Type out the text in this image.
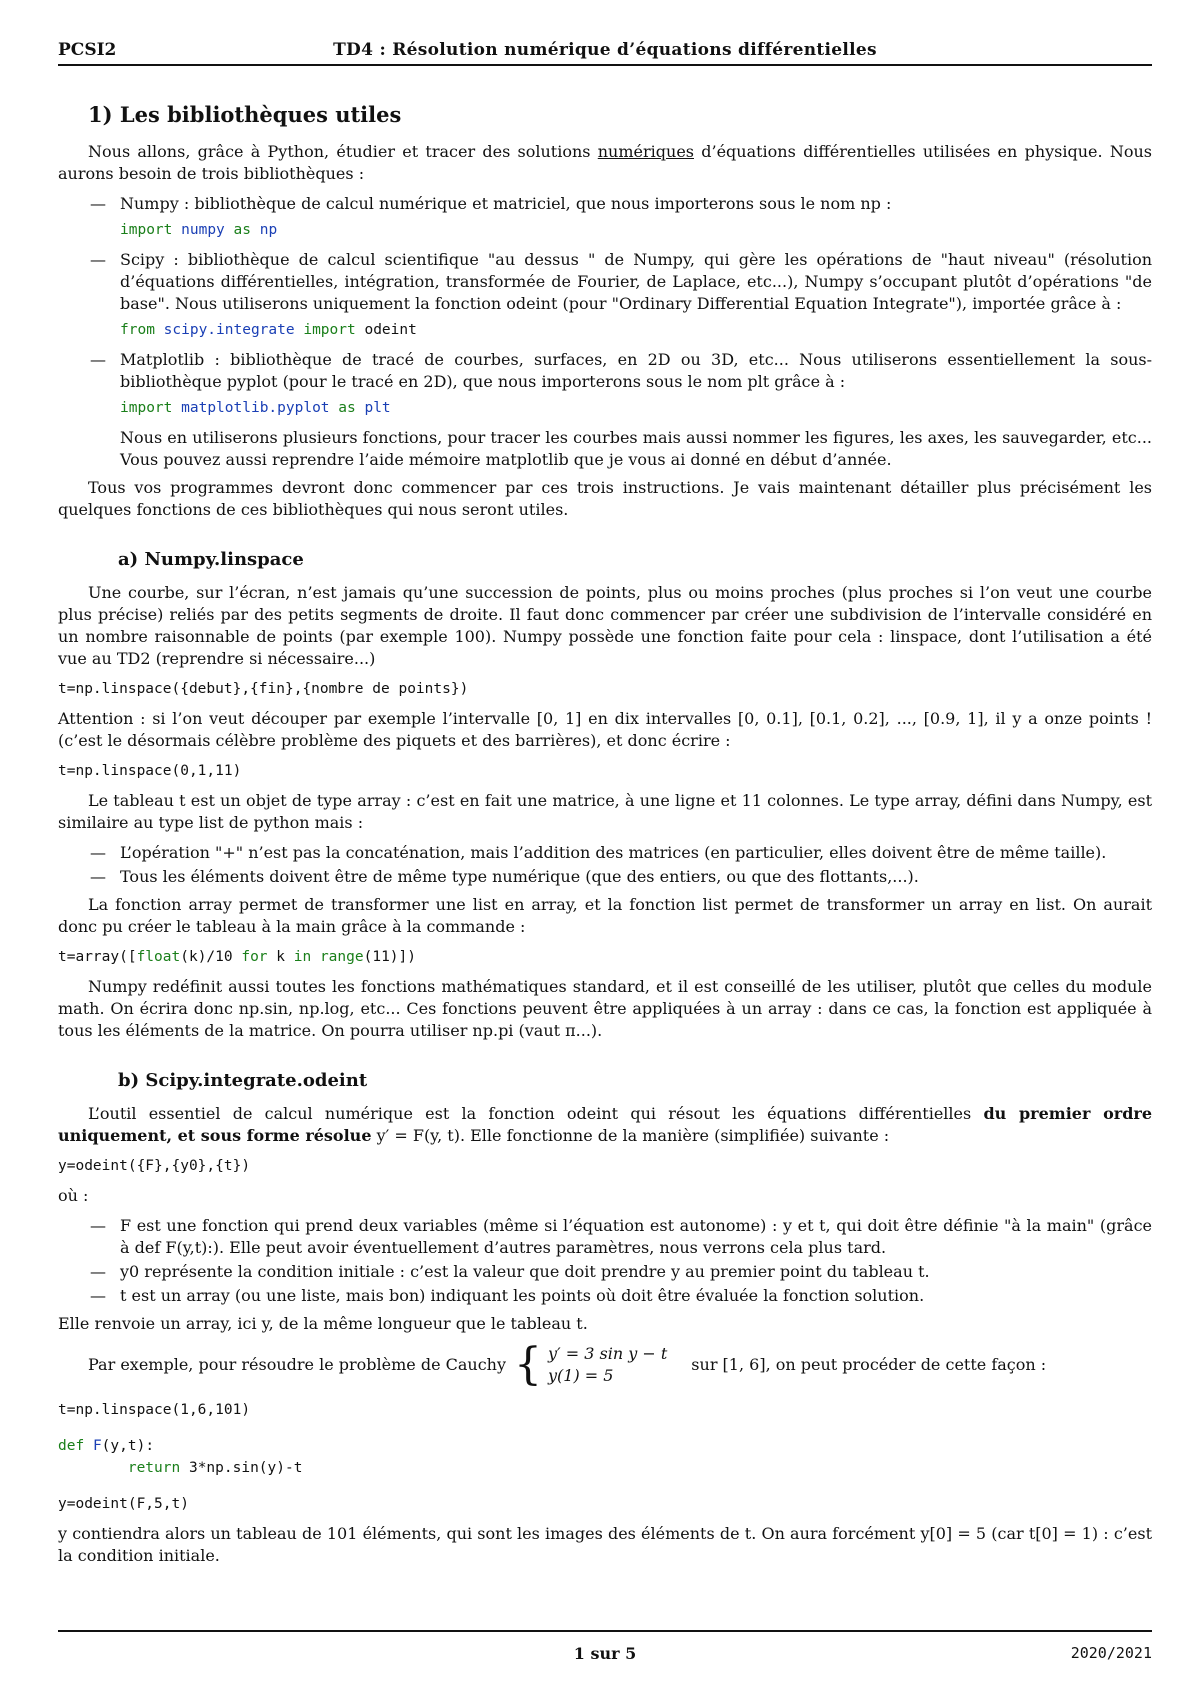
PCSI2	TD4 : Résolution numérique d’équations différentielles
1) Les bibliothèques utiles

Nous allons, grâce à Python, étudier et tracer des solutions numériques d’équations différentielles utilisées en physique. Nous aurons besoin de trois bibliothèques :

— Numpy : bibliothèque de calcul numérique et matriciel, que nous importerons sous le nom np :
import numpy as np
— Scipy : bibliothèque de calcul scientifique "au dessus " de Numpy, qui gère les opérations de "haut niveau" (résolution d’équations différentielles, intégration, transformée de Fourier, de Laplace, etc...), Numpy s’occupant plutôt d’opérations "de base". Nous utiliserons uniquement la fonction odeint (pour "Ordinary Differential Equation Integrate"), importée grâce à :
from scipy.integrate import odeint
— Matplotlib : bibliothèque de tracé de courbes, surfaces, en 2D ou 3D, etc... Nous utiliserons essentiellement la sous-bibliothèque pyplot (pour le tracé en 2D), que nous importerons sous le nom plt grâce à :
import matplotlib.pyplot as plt
Nous en utiliserons plusieurs fonctions, pour tracer les courbes mais aussi nommer les figures, les axes, les sauvegarder, etc... Vous pouvez aussi reprendre l’aide mémoire matplotlib que je vous ai donné en début d’année.

Tous vos programmes devront donc commencer par ces trois instructions. Je vais maintenant détailler plus précisément les quelques fonctions de ces bibliothèques qui nous seront utiles.

a) Numpy.linspace

Une courbe, sur l’écran, n’est jamais qu’une succession de points, plus ou moins proches (plus proches si l’on veut une courbe plus précise) reliés par des petits segments de droite. Il faut donc commencer par créer une subdivision de l’intervalle considéré en un nombre raisonnable de points (par exemple 100). Numpy possède une fonction faite pour cela : linspace, dont l’utilisation a été vue au TD2 (reprendre si nécessaire...)

t=np.linspace({debut},{fin},{nombre de points})

Attention : si l’on veut découper par exemple l’intervalle [0, 1] en dix intervalles [0, 0.1], [0.1, 0.2], ..., [0.9, 1], il y a onze points ! (c’est le désormais célèbre problème des piquets et des barrières), et donc écrire :

t=np.linspace(0,1,11)

Le tableau t est un objet de type array : c’est en fait une matrice, à une ligne et 11 colonnes. Le type array, défini dans Numpy, est similaire au type list de python mais :

— L’opération "+" n’est pas la concaténation, mais l’addition des matrices (en particulier, elles doivent être de même taille).
— Tous les éléments doivent être de même type numérique (que des entiers, ou que des flottants,...).

La fonction array permet de transformer une list en array, et la fonction list permet de transformer un array en list. On aurait donc pu créer le tableau à la main grâce à la commande :

t=array([float(k)/10 for k in range(11)])

Numpy redéfinit aussi toutes les fonctions mathématiques standard, et il est conseillé de les utiliser, plutôt que celles du module math. On écrira donc np.sin, np.log, etc... Ces fonctions peuvent être appliquées à un array : dans ce cas, la fonction est appliquée à tous les éléments de la matrice. On pourra utiliser np.pi (vaut π...).

b) Scipy.integrate.odeint

L’outil essentiel de calcul numérique est la fonction odeint qui résout les équations différentielles du premier ordre uniquement, et sous forme résolue y′ = F(y, t). Elle fonctionne de la manière (simplifiée) suivante :

y=odeint({F},{y0},{t})

où :

— F est une fonction qui prend deux variables (même si l’équation est autonome) : y et t, qui doit être définie "à la main" (grâce à def F(y,t):). Elle peut avoir éventuellement d’autres paramètres, nous verrons cela plus tard.
— y0 représente la condition initiale : c’est la valeur que doit prendre y au premier point du tableau t.
— t est un array (ou une liste, mais bon) indiquant les points où doit être évaluée la fonction solution.

Elle renvoie un array, ici y, de la même longueur que le tableau t.

Par exemple, pour résoudre le problème de Cauchy { y′ = 3 sin y − t
y(1) = 5
sur [1, 6], on peut procéder de cette façon :
t=np.linspace(1,6,101)
def F(y,t):
return 3*np.sin(y)-t
y=odeint(F,5,t)

y contiendra alors un tableau de 101 éléments, qui sont les images des éléments de t. On aura forcément y[0] = 5 (car t[0] = 1) : c’est la condition initiale.

1 sur 5	2020/2021
